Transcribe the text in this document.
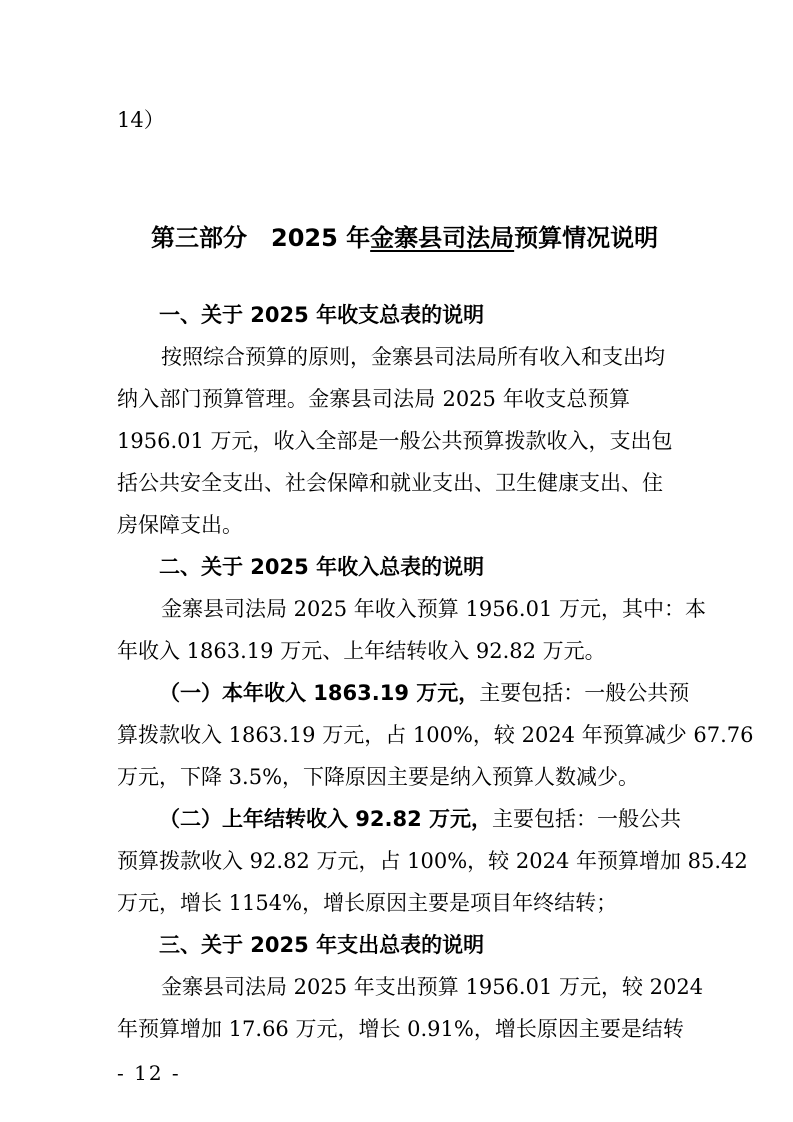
14）
第三部分　2025 年金寨县司法局预算情况说明
一、关于 2025 年收支总表的说明
按照综合预算的原则，金寨县司法局所有收入和支出均
纳入部门预算管理。金寨县司法局 2025 年收支总预算
1956.01 万元，收入全部是一般公共预算拨款收入，支出包
括公共安全支出、社会保障和就业支出、卫生健康支出、住
房保障支出。
二、关于 2025 年收入总表的说明
金寨县司法局 2025 年收入预算 1956.01 万元，其中：本
年收入 1863.19 万元、上年结转收入 92.82 万元。
（一）本年收入 1863.19 万元，主要包括：一般公共预
算拨款收入 1863.19 万元，占 100%，较 2024 年预算减少 67.76
万元，下降 3.5%，下降原因主要是纳入预算人数减少。
（二）上年结转收入 92.82 万元，主要包括：一般公共
预算拨款收入 92.82 万元，占 100%，较 2024 年预算增加 85.42
万元，增长 1154%，增长原因主要是项目年终结转；
三、关于 2025 年支出总表的说明
金寨县司法局 2025 年支出预算 1956.01 万元，较 2024
年预算增加 17.66 万元，增长 0.91%，增长原因主要是结转
- 12 -
